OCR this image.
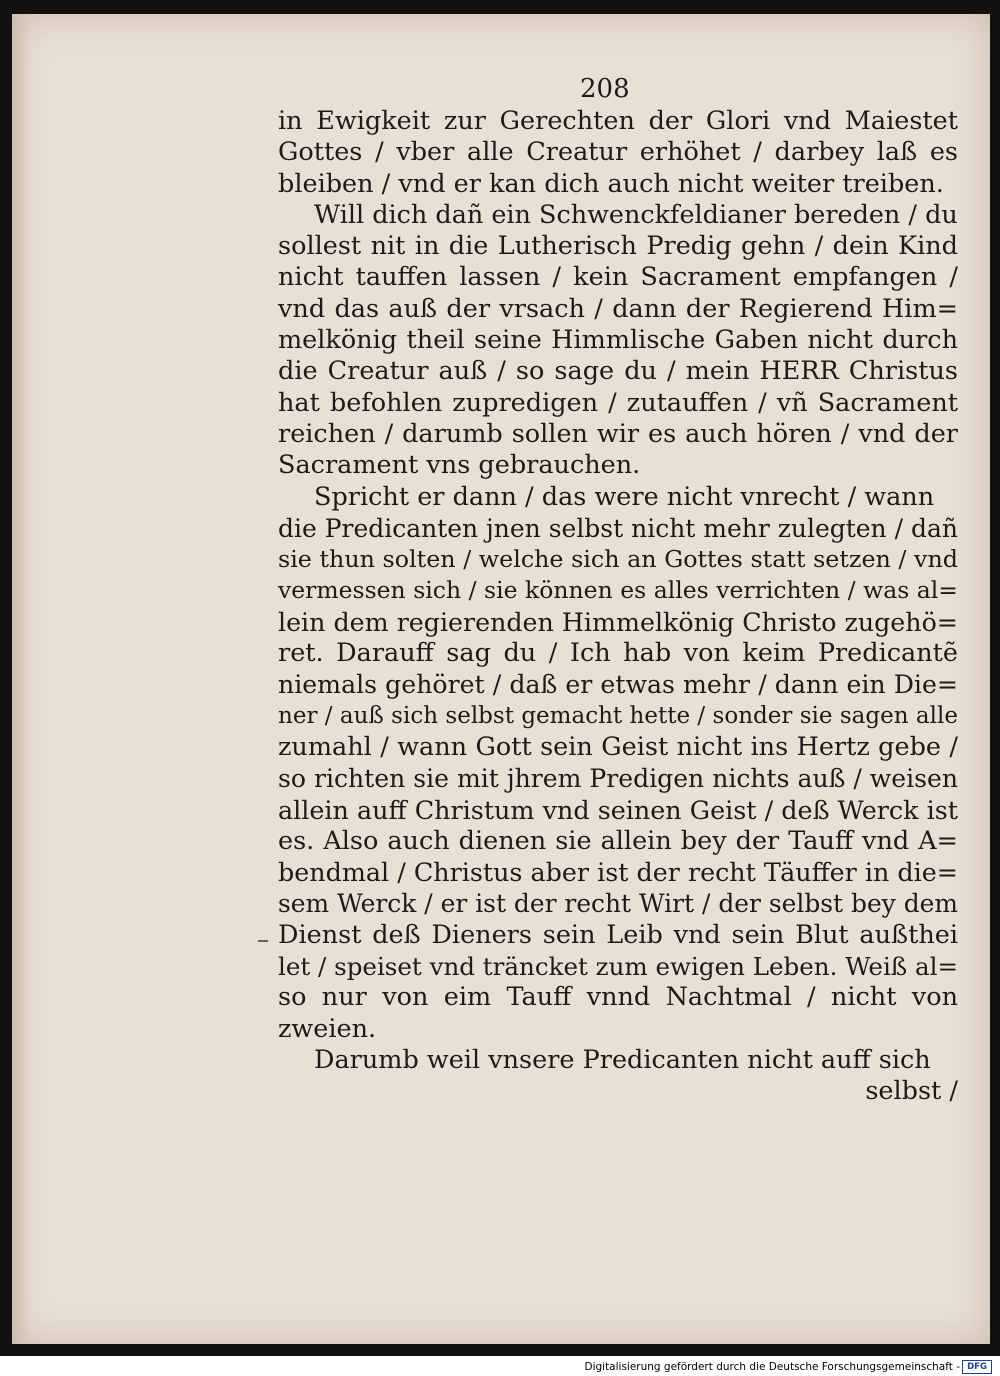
208
in Ewigkeit zur Gerechten der Glori vnd Maiestet
Gottes / vber alle Creatur erhöhet / darbey laß es
bleiben / vnd er kan dich auch nicht weiter treiben.
Will dich dañ ein Schwenckfeldianer bereden / du
sollest nit in die Lutherisch Predig gehn / dein Kind
nicht tauffen lassen / kein Sacrament empfangen /
vnd das auß der vrsach / dann der Regierend Him=
melkönig theil seine Himmlische Gaben nicht durch
die Creatur auß / so sage du / mein HERR Christus
hat befohlen zupredigen / zutauffen / vñ Sacrament
reichen / darumb sollen wir es auch hören / vnd der
Sacrament vns gebrauchen.
Spricht er dann / das were nicht vnrecht / wann
die Predicanten jnen selbst nicht mehr zulegten / dañ
sie thun solten / welche sich an Gottes statt setzen / vnd
vermessen sich / sie können es alles verrichten / was al=
lein dem regierenden Himmelkönig Christo zugehö=
ret. Darauff sag du / Ich hab von keim Predicantẽ
niemals gehöret / daß er etwas mehr / dann ein Die=
ner / auß sich selbst gemacht hette / sonder sie sagen alle
zumahl / wann Gott sein Geist nicht ins Hertz gebe /
so richten sie mit jhrem Predigen nichts auß / weisen
allein auff Christum vnd seinen Geist / deß Werck ist
es. Also auch dienen sie allein bey der Tauff vnd A=
bendmal / Christus aber ist der recht Täuffer in die=
sem Werck / er ist der recht Wirt / der selbst bey dem
Dienst deß Dieners sein Leib vnd sein Blut außthei
let / speiset vnd träncket zum ewigen Leben. Weiß al=
so nur von eim Tauff vnnd Nachtmal / nicht von
zweien.
Darumb weil vnsere Predicanten nicht auff sich
selbst /
Digitalisierung gefördert durch die Deutsche Forschungsgemeinschaft - DFG
